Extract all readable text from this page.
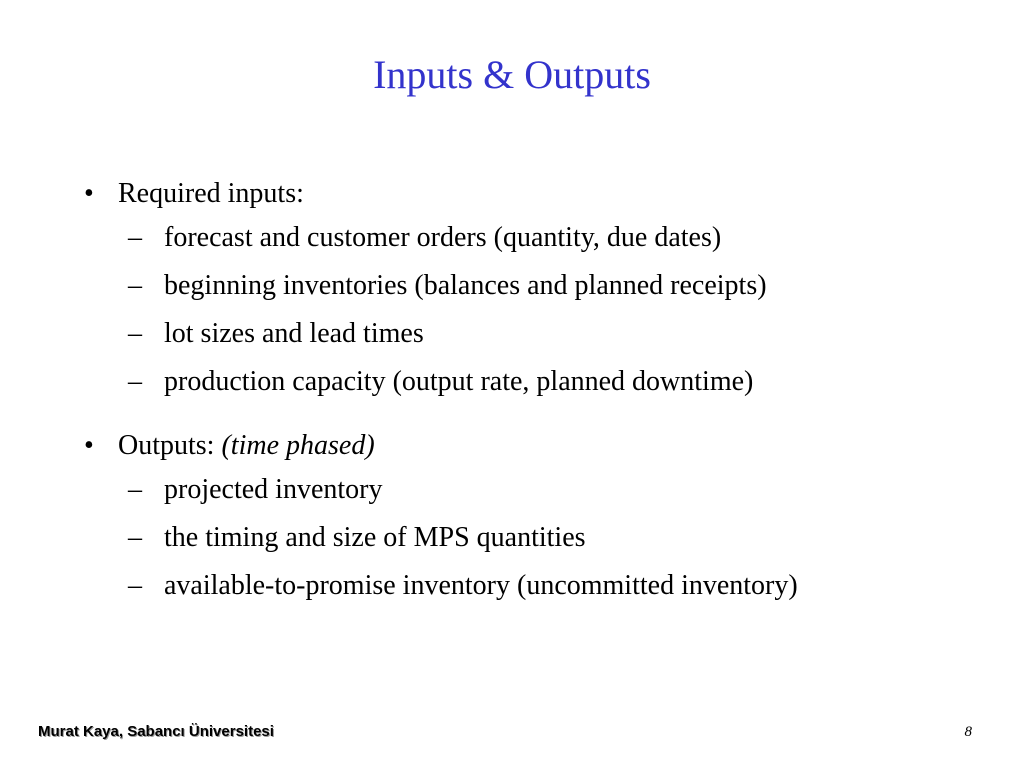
Inputs & Outputs
• Required inputs:
– forecast and customer orders (quantity, due dates)
– beginning inventories (balances and planned receipts)
– lot sizes and lead times
– production capacity (output rate, planned downtime)
• Outputs: (time phased)
– projected inventory
– the timing and size of MPS quantities
– available-to-promise inventory (uncommitted inventory)
Murat Kaya, Sabancı Üniversitesi	8
